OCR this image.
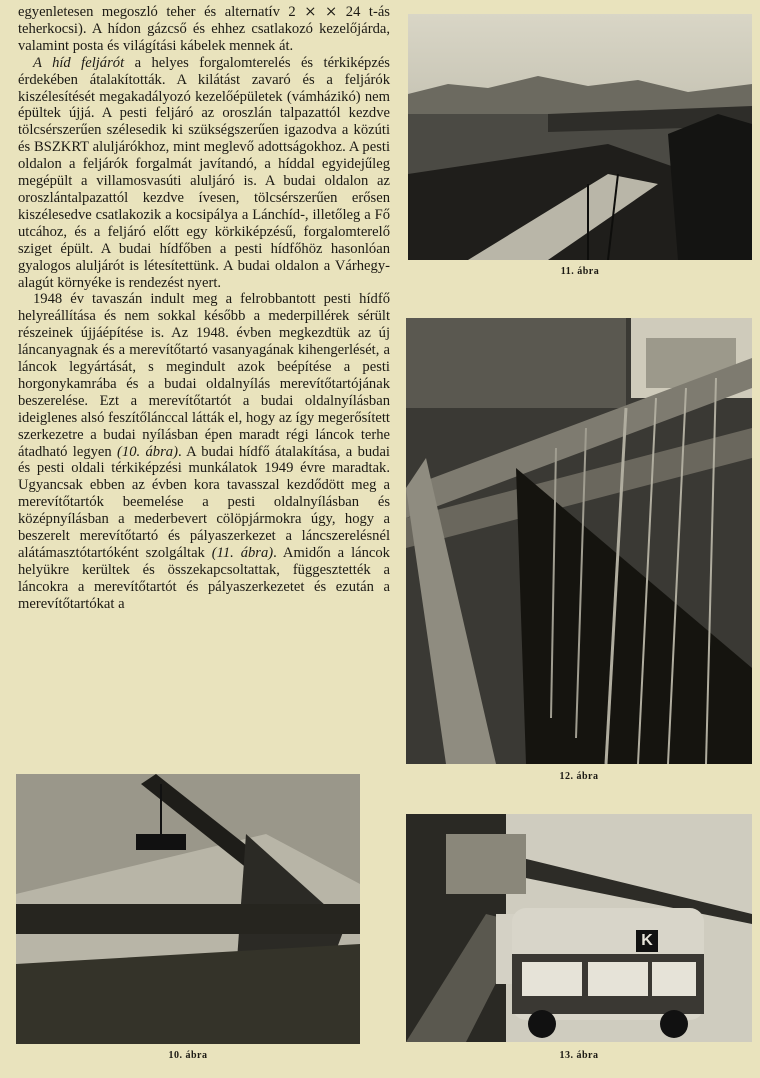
egyenletesen megoszló teher és alternatív 2 ⨯ ⨯ 24 t-ás teherkocsi). A hídon gázcső és ehhez csatlakozó kezelőjárda, valamint posta és világítási kábelek mennek át.

A híd feljárót a helyes forgalomterelés és térkiképzés érdekében átalakították. A kilátást zavaró és a feljárók kiszélesítését megakadályozó kezelőépületek (vámházikó) nem épültek újjá. A pesti feljáró az oroszlán talpazattól kezdve tölcsérszerűen szélesedik ki szükségszerűen igazodva a közúti és BSZKRT aluljárókhoz, mint meglevő adottságokhoz. A pesti oldalon a feljárók forgalmát javítandó, a híddal egyidejűleg megépült a villamosvasúti aluljáró is. A budai oldalon az oroszlántalpazattól kezdve ívesen, tölcsérszerűen erősen kiszélesedve csatlakozik a kocsipálya a Lánchíd-, illetőleg a Fő utcához, és a feljáró előtt egy körkiképzésű, forgalomterelő sziget épült. A budai hídfőben a pesti hídfőhöz hasonlóan gyalogos aluljárót is létesítettünk. A budai oldalon a Várhegy-alagút környéke is rendezést nyert.

1948 év tavaszán indult meg a felrobbantott pesti hídfő helyreállítása és nem sokkal később a mederpillérek sérült részeinek újjáépítése is. Az 1948. évben megkezdtük az új láncanyagnak és a merevítőtartó vasanyagának kihengerlését, a láncok legyártását, s megindult azok beépítése a pesti horgonykamrába és a budai oldalnyílás merevítőtartójának beszerelése. Ezt a merevítőtartót a budai oldalnyílásban ideiglenes alsó feszítőlánccal látták el, hogy az így megerősített szerkezetre a budai nyílásban épen maradt régi láncok terhe átadható legyen (10. ábra). A budai hídfő átalakítása, a budai és pesti oldali térkiképzési munkálatok 1949 évre maradtak. Ugyancsak ebben az évben kora tavasszal kezdődött meg a merevítőtartók beemelése a pesti oldalnyílásban és középnyílásban a mederbevert cölöpjármokra úgy, hogy a beszerelt merevítőtartó és pályaszerkezet a láncszerelésnél alátámasztótartóként szolgáltak (11. ábra). Amidőn a láncok helyükre kerültek és összekapcsoltattak, függesztették a láncokra a merevítőtartót és pályaszerkezetet és ezután a merevítőtartókat a

11. ábra
12. ábra
10. ábra
K
13. ábra
